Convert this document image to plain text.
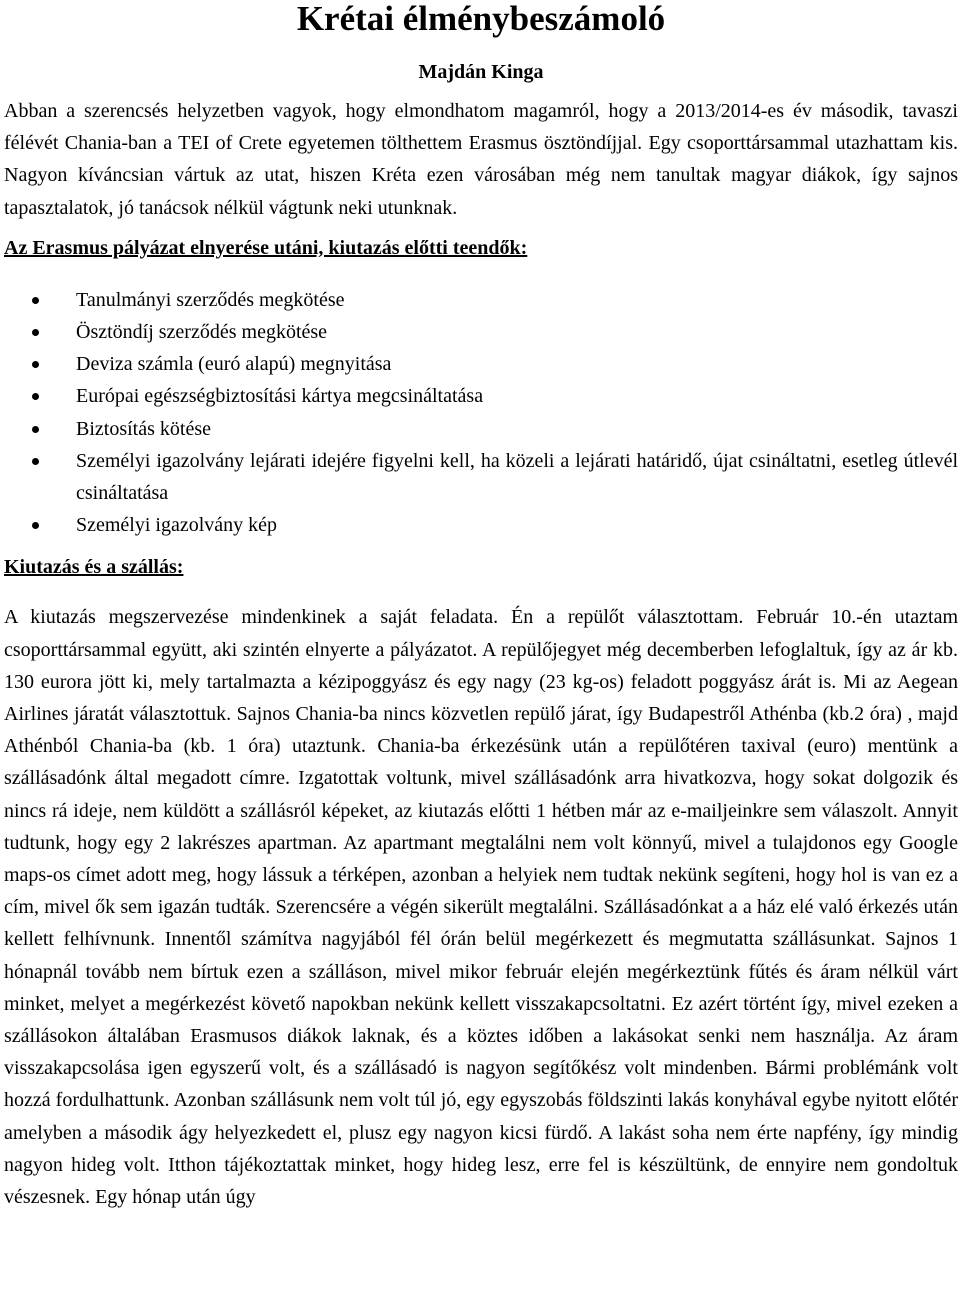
Krétai élménybeszámoló
Majdán Kinga

Abban a szerencsés helyzetben vagyok, hogy elmondhatom magamról, hogy a 2013/2014-es év második, tavaszi félévét Chania-ban a TEI of Crete egyetemen tölthettem Erasmus ösztöndíjjal. Egy csoporttársammal utazhattam kis. Nagyon kíváncsian vártuk az utat, hiszen Kréta ezen városában még nem tanultak magyar diákok, így sajnos tapasztalatok, jó tanácsok nélkül vágtunk neki utunknak.

Az Erasmus pályázat elnyerése utáni, kiutazás előtti teendők:
Tanulmányi szerződés megkötése
Ösztöndíj szerződés megkötése
Deviza számla (euró alapú) megnyitása
Európai egészségbiztosítási kártya megcsináltatása
Biztosítás kötése
Személyi igazolvány lejárati idejére figyelni kell, ha közeli a lejárati határidő, újat csináltatni, esetleg útlevél csináltatása
Személyi igazolvány kép
Kiutazás és a szállás:

A kiutazás megszervezése mindenkinek a saját feladata. Én a repülőt választottam. Február 10.-én utaztam csoporttársammal együtt, aki szintén elnyerte a pályázatot. A repülőjegyet még decemberben lefoglaltuk, így az ár kb. 130 eurora jött ki, mely tartalmazta a kézipoggyász és egy nagy (23 kg-os) feladott poggyász árát is. Mi az Aegean Airlines járatát választottuk. Sajnos Chania-ba nincs közvetlen repülő járat, így Budapestről Athénba (kb.2 óra) , majd Athénból Chania-ba (kb. 1 óra) utaztunk. Chania-ba érkezésünk után a repülőtéren taxival (euro) mentünk a szállásadónk által megadott címre. Izgatottak voltunk, mivel szállásadónk arra hivatkozva, hogy sokat dolgozik és nincs rá ideje, nem küldött a szállásról képeket, az kiutazás előtti 1 hétben már az e-mailjeinkre sem válaszolt. Annyit tudtunk, hogy egy 2 lakrészes apartman. Az apartmant megtalálni nem volt könnyű, mivel a tulajdonos egy Google maps-os címet adott meg, hogy lássuk a térképen, azonban a helyiek nem tudtak nekünk segíteni, hogy hol is van ez a cím, mivel ők sem igazán tudták. Szerencsére a végén sikerült megtalálni. Szállásadónkat a a ház elé való érkezés után kellett felhívnunk. Innentől számítva nagyjából fél órán belül megérkezett és megmutatta szállásunkat. Sajnos 1 hónapnál tovább nem bírtuk ezen a szálláson, mivel mikor február elején megérkeztünk fűtés és áram nélkül várt minket, melyet a megérkezést követő napokban nekünk kellett visszakapcsoltatni. Ez azért történt így, mivel ezeken a szállásokon általában Erasmusos diákok laknak, és a köztes időben a lakásokat senki nem használja. Az áram visszakapcsolása igen egyszerű volt, és a szállásadó is nagyon segítőkész volt mindenben. Bármi problémánk volt hozzá fordulhattunk. Azonban szállásunk nem volt túl jó, egy egyszobás földszinti lakás konyhával egybe nyitott előtér amelyben a második ágy helyezkedett el, plusz egy nagyon kicsi fürdő. A lakást soha nem érte napfény, így mindig nagyon hideg volt. Itthon tájékoztattak minket, hogy hideg lesz, erre fel is készültünk, de ennyire nem gondoltuk vészesnek. Egy hónap után úgy
